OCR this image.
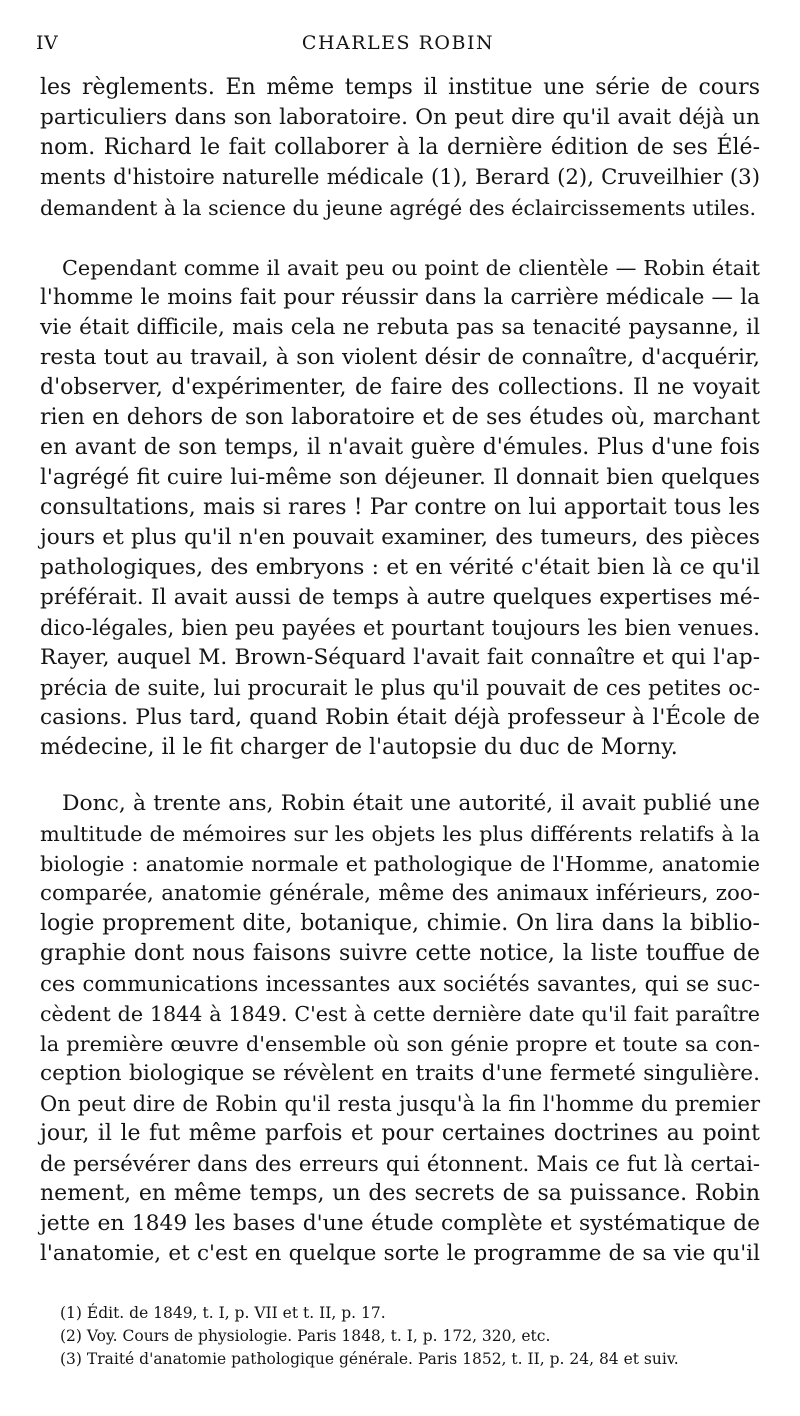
IV	CHARLES ROBIN
les règlements. En même temps il institue une série de cours
particuliers dans son laboratoire. On peut dire qu'il avait déjà un
nom. Richard le fait collaborer à la dernière édition de ses Élé-
ments d'histoire naturelle médicale (1), Berard (2), Cruveilhier (3)
demandent à la science du jeune agrégé des éclaircissements utiles.
Cependant comme il avait peu ou point de clientèle — Robin était
l'homme le moins fait pour réussir dans la carrière médicale — la
vie était difficile, mais cela ne rebuta pas sa tenacité paysanne, il
resta tout au travail, à son violent désir de connaître, d'acquérir,
d'observer, d'expérimenter, de faire des collections. Il ne voyait
rien en dehors de son laboratoire et de ses études où, marchant
en avant de son temps, il n'avait guère d'émules. Plus d'une fois
l'agrégé fit cuire lui-même son déjeuner. Il donnait bien quelques
consultations, mais si rares ! Par contre on lui apportait tous les
jours et plus qu'il n'en pouvait examiner, des tumeurs, des pièces
pathologiques, des embryons : et en vérité c'était bien là ce qu'il
préférait. Il avait aussi de temps à autre quelques expertises mé-
dico-légales, bien peu payées et pourtant toujours les bien venues.
Rayer, auquel M. Brown-Séquard l'avait fait connaître et qui l'ap-
précia de suite, lui procurait le plus qu'il pouvait de ces petites oc-
casions. Plus tard, quand Robin était déjà professeur à l'École de
médecine, il le fit charger de l'autopsie du duc de Morny.
Donc, à trente ans, Robin était une autorité, il avait publié une
multitude de mémoires sur les objets les plus différents relatifs à la
biologie : anatomie normale et pathologique de l'Homme, anatomie
comparée, anatomie générale, même des animaux inférieurs, zoo-
logie proprement dite, botanique, chimie. On lira dans la biblio-
graphie dont nous faisons suivre cette notice, la liste touffue de
ces communications incessantes aux sociétés savantes, qui se suc-
cèdent de 1844 à 1849. C'est à cette dernière date qu'il fait paraître
la première œuvre d'ensemble où son génie propre et toute sa con-
ception biologique se révèlent en traits d'une fermeté singulière.
On peut dire de Robin qu'il resta jusqu'à la fin l'homme du premier
jour, il le fut même parfois et pour certaines doctrines au point
de persévérer dans des erreurs qui étonnent. Mais ce fut là certai-
nement, en même temps, un des secrets de sa puissance. Robin
jette en 1849 les bases d'une étude complète et systématique de
l'anatomie, et c'est en quelque sorte le programme de sa vie qu'il
(1) Édit. de 1849, t. I, p. VII et t. II, p. 17.
(2) Voy. Cours de physiologie. Paris 1848, t. I, p. 172, 320, etc.
(3) Traité d'anatomie pathologique générale. Paris 1852, t. II, p. 24, 84 et suiv.
